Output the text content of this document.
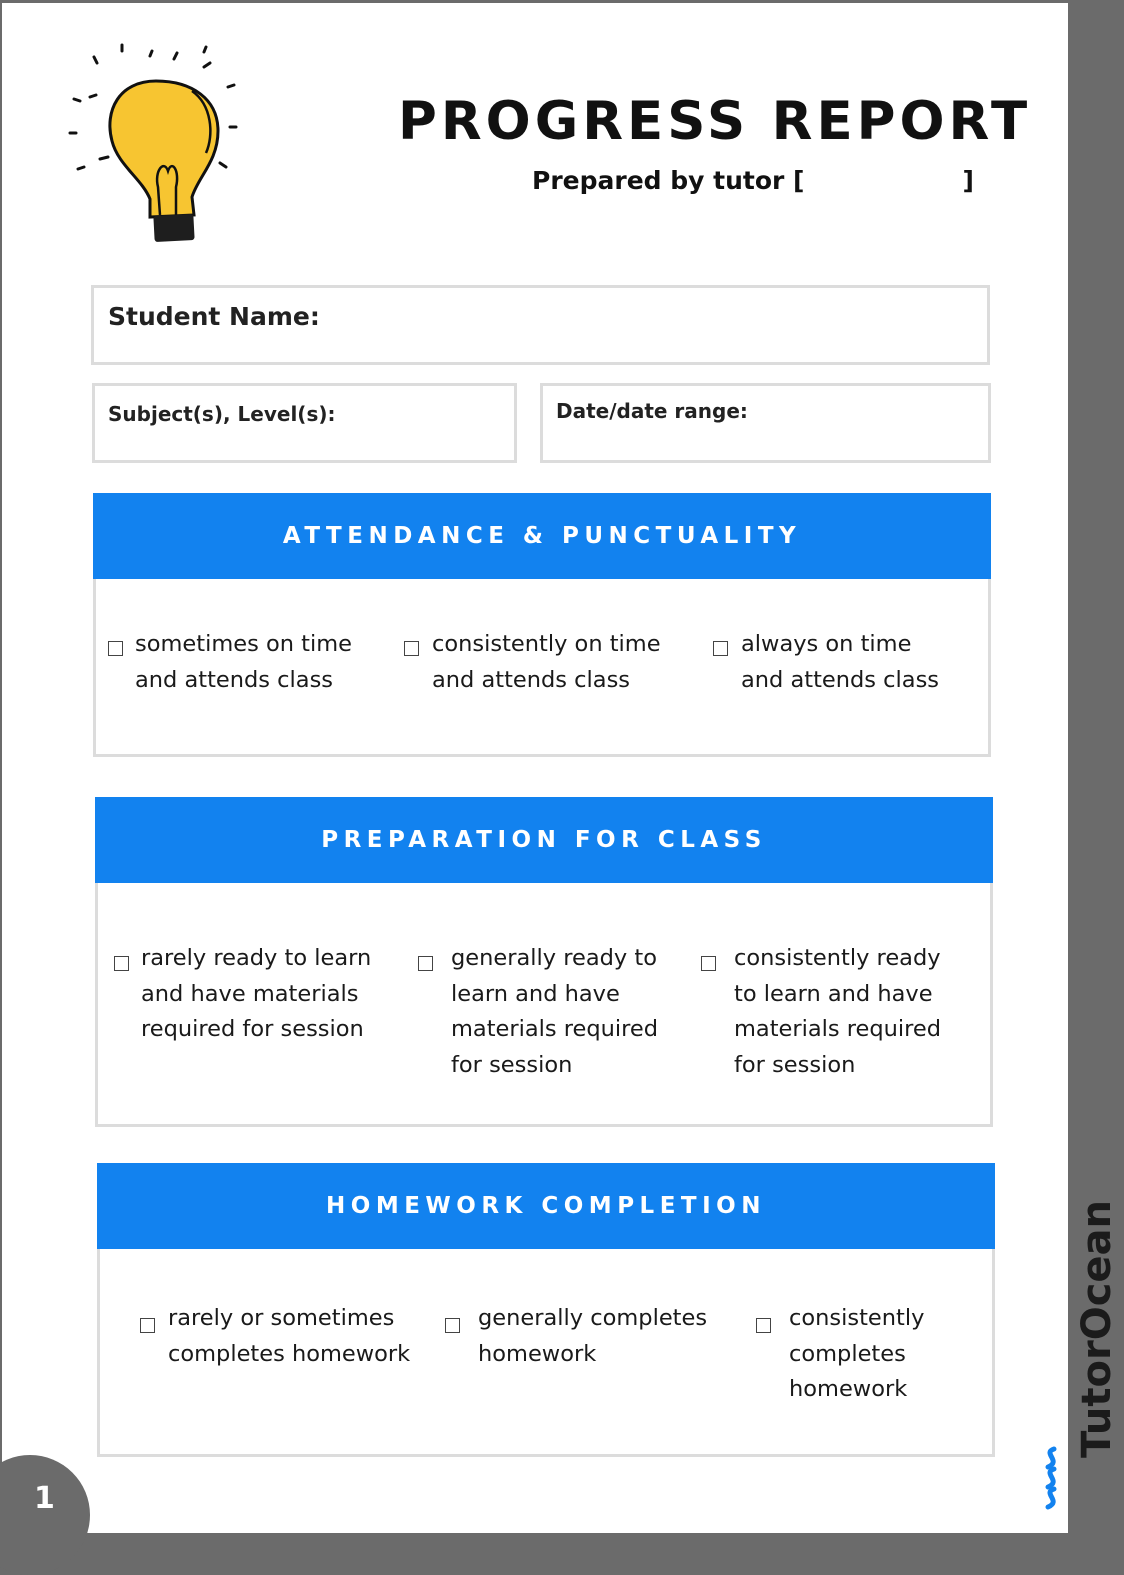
PROGRESS REPORT
Prepared by tutor [	]
Student Name:
Subject(s), Level(s):	Date/date range:
ATTENDANCE & PUNCTUALITY
sometimes on time
and attends class
consistently on time
and attends class
always on time
and attends class
PREPARATION FOR CLASS
rarely ready to learn
and have materials
required for session
generally ready to
learn and have
materials required
for session
consistently ready
to learn and have
materials required
for session
HOMEWORK COMPLETION
rarely or sometimes
completes homework
generally completes
homework
consistently
completes
homework	TutorOcean
1
